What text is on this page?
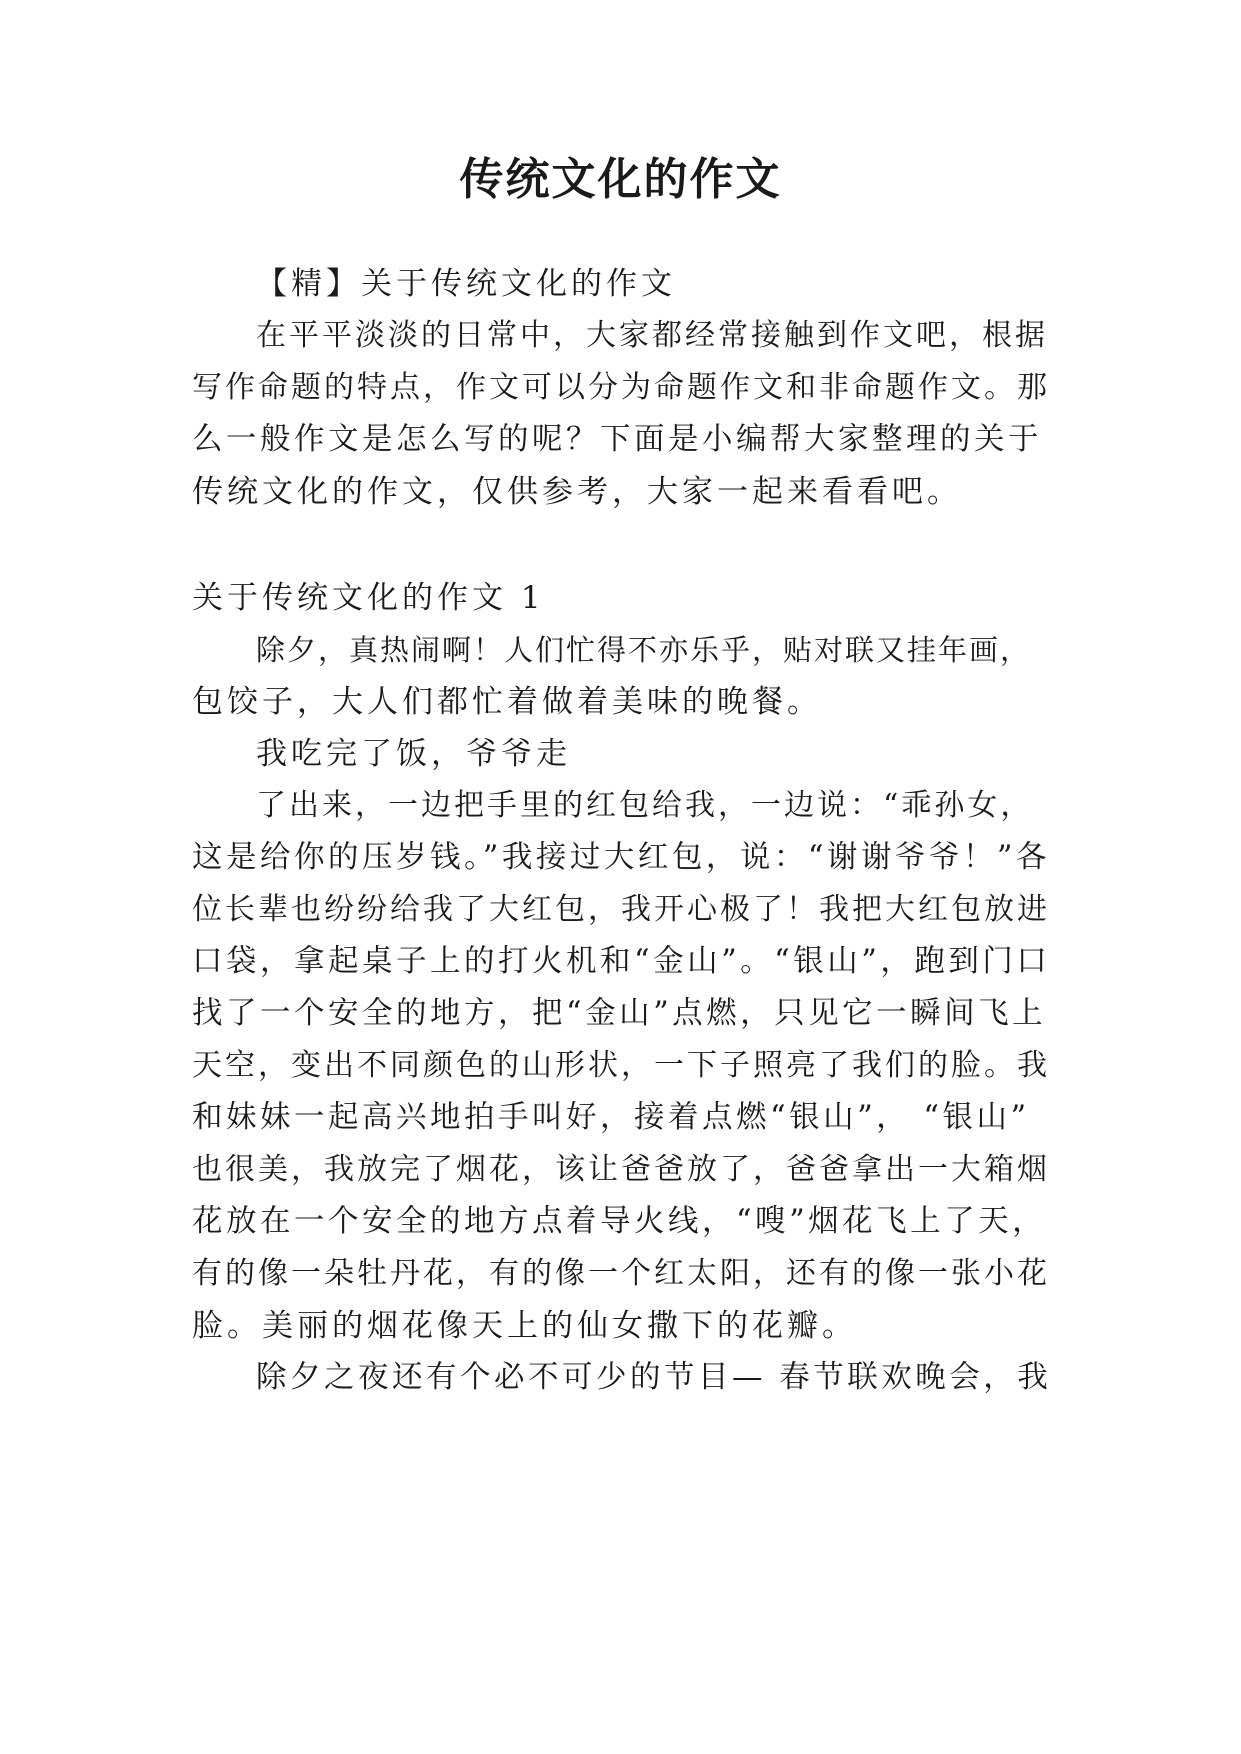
传统文化的作文
【精】关于传统文化的作文
在平平淡淡的日常中，大家都经常接触到作文吧，根据
写作命题的特点，作文可以分为命题作文和非命题作文。那
么一般作文是怎么写的呢？下面是小编帮大家整理的关于
传统文化的作文，仅供参考，大家一起来看看吧。
关于传统文化的作文 1
除夕，真热闹啊！人们忙得不亦乐乎，贴对联又挂年画，
包饺子，大人们都忙着做着美味的晚餐。
我吃完了饭，爷爷走
了出来，一边把手里的红包给我，一边说：“乖孙女，
这是给你的压岁钱。”我接过大红包，说：“谢谢爷爷！”各
位长辈也纷纷给我了大红包，我开心极了！我把大红包放进
口袋，拿起桌子上的打火机和“金山”。“银山”，跑到门口
找了一个安全的地方，把“金山”点燃，只见它一瞬间飞上
天空，变出不同颜色的山形状，一下子照亮了我们的脸。我
和妹妹一起高兴地拍手叫好，接着点燃“银山”， “银山”
也很美，我放完了烟花，该让爸爸放了，爸爸拿出一大箱烟
花放在一个安全的地方点着导火线，“嗖”烟花飞上了天，
有的像一朵牡丹花，有的像一个红太阳，还有的像一张小花
脸。美丽的烟花像天上的仙女撒下的花瓣。
除夕之夜还有个必不可少的节目— 春节联欢晚会，我
